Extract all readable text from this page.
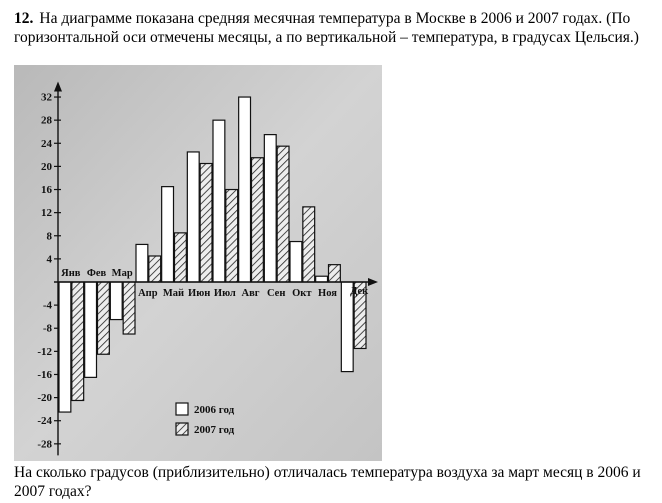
12. На диаграмме показана средняя месячная температура в Москве в 2006 и 2007 годах. (По горизонтальной оси отмечены месяцы, а по вертикальной – температура, в градусах Цельсия.)
32
28
24
20
16
12
8
4
-4
-8
-12
-16
-20
-24
-28
Янв Фев Мар
Апр Май Июн Июл Авг Сен Окт Ноя Дек
2006 год
2007 год
На сколько градусов (приблизительно) отличалась температура воздуха за март месяц в 2006 и 2007 годах?
